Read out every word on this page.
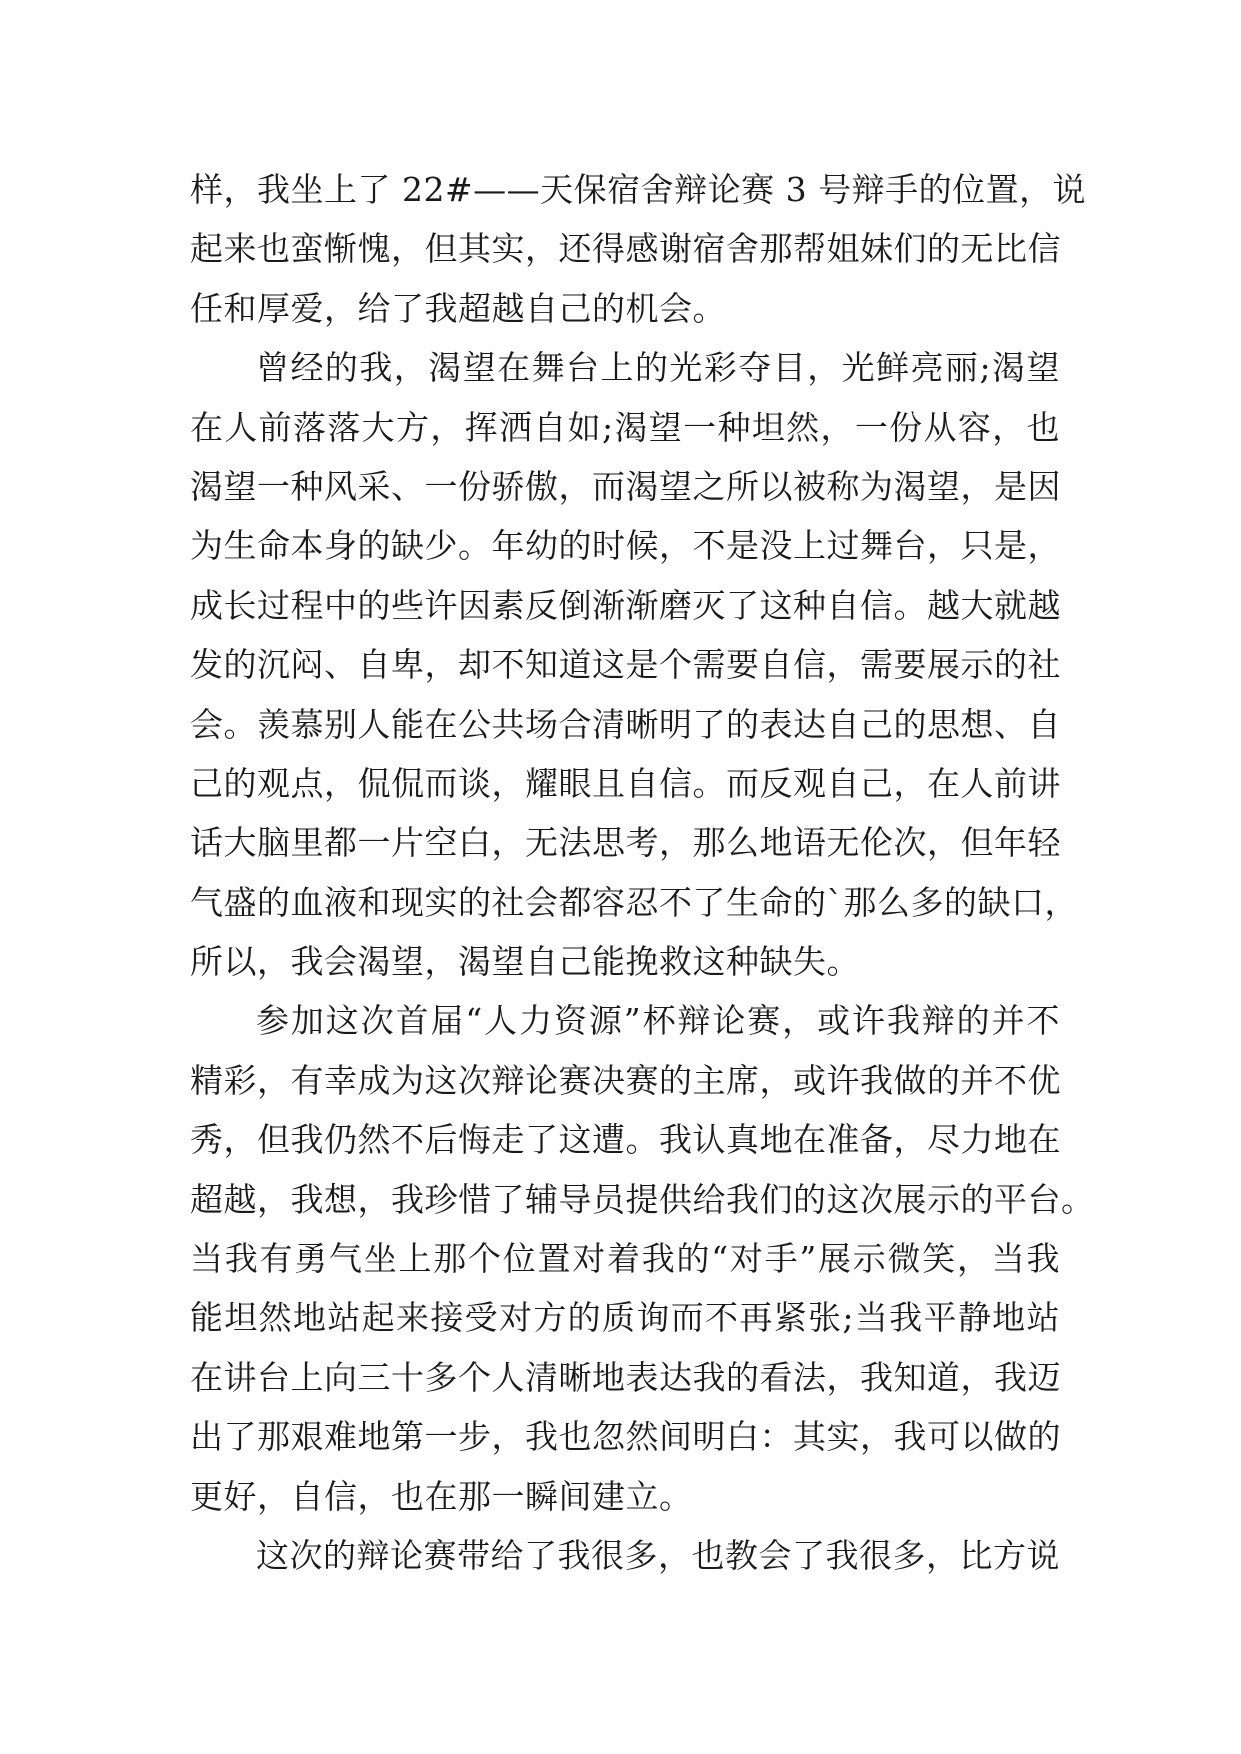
样，我坐上了 22#——天保宿舍辩论赛 3 号辩手的位置，说
起来也蛮惭愧，但其实，还得感谢宿舍那帮姐妹们的无比信
任和厚爱，给了我超越自己的机会。
曾经的我，渴望在舞台上的光彩夺目，光鲜亮丽;渴望
在人前落落大方，挥洒自如;渴望一种坦然，一份从容，也
渴望一种风采、一份骄傲，而渴望之所以被称为渴望，是因
为生命本身的缺少。年幼的时候，不是没上过舞台，只是，
成长过程中的些许因素反倒渐渐磨灭了这种自信。越大就越
发的沉闷、自卑，却不知道这是个需要自信，需要展示的社
会。羡慕别人能在公共场合清晰明了的表达自己的思想、自
己的观点，侃侃而谈，耀眼且自信。而反观自己，在人前讲
话大脑里都一片空白，无法思考，那么地语无伦次，但年轻
气盛的血液和现实的社会都容忍不了生命的`那么多的缺口，
所以，我会渴望，渴望自己能挽救这种缺失。
参加这次首届“人力资源”杯辩论赛，或许我辩的并不
精彩，有幸成为这次辩论赛决赛的主席，或许我做的并不优
秀，但我仍然不后悔走了这遭。我认真地在准备，尽力地在
超越，我想，我珍惜了辅导员提供给我们的这次展示的平台。
当我有勇气坐上那个位置对着我的“对手”展示微笑，当我
能坦然地站起来接受对方的质询而不再紧张;当我平静地站
在讲台上向三十多个人清晰地表达我的看法，我知道，我迈
出了那艰难地第一步，我也忽然间明白：其实，我可以做的
更好，自信，也在那一瞬间建立。
这次的辩论赛带给了我很多，也教会了我很多，比方说
